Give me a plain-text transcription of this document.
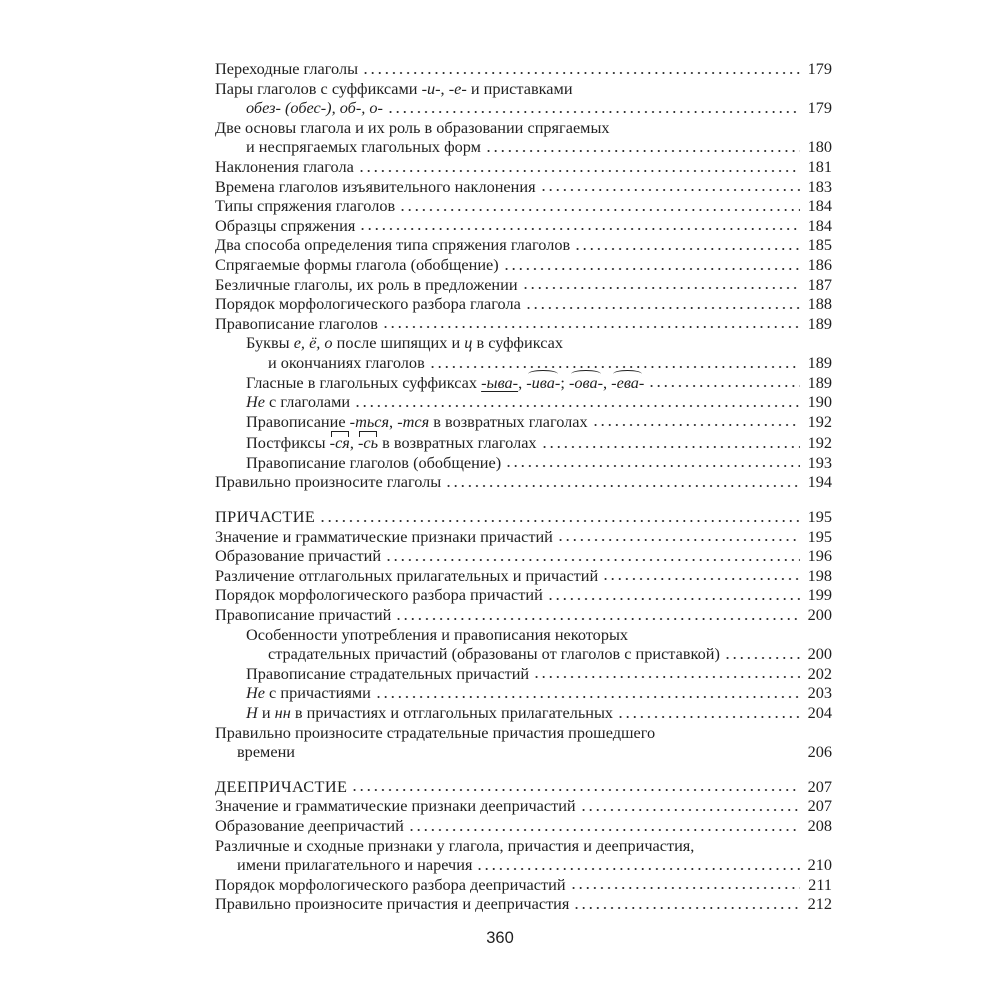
Переходные глаголы	179
Пары глаголов с суффиксами -и-, -е- и приставками
обез- (обес-), об-, о-	179
Две основы глагола и их роль в образовании спрягаемых
и неспрягаемых глагольных форм	180
Наклонения глагола	181
Времена глаголов изъявительного наклонения	183
Типы спряжения глаголов	184
Образцы спряжения	184
Два способа определения типа спряжения глаголов	185
Спрягаемые формы глагола (обобщение)	186
Безличные глаголы, их роль в предложении	187
Порядок морфологического разбора глагола	188
Правописание глаголов	189
Буквы е, ё, о после шипящих и ц в суффиксах
и окончаниях глаголов	189
Гласные в глагольных суффиксах -ыва-, -ива-; -ова-, -ева-	189
Не с глаголами	190
Правописание -ться, -тся в возвратных глаголах	192
Постфиксы -ся, -сь в возвратных глаголах	192
Правописание глаголов (обобщение)	193
Правильно произносите глаголы	194
ПРИЧАСТИЕ	195
Значение и грамматические признаки причастий	195
Образование причастий	196
Различение отглагольных прилагательных и причастий	198
Порядок морфологического разбора причастий	199
Правописание причастий	200
Особенности употребления и правописания некоторых
страдательных причастий (образованы от глаголов с приставкой)	200
Правописание страдательных причастий	202
Не с причастиями	203
Н и нн в причастиях и отглагольных прилагательных	204
Правильно произносите страдательные причастия прошедшего
времени	206
ДЕЕПРИЧАСТИЕ	207
Значение и грамматические признаки деепричастий	207
Образование деепричастий	208
Различные и сходные признаки у глагола, причастия и деепричастия,
имени прилагательного и наречия	210
Порядок морфологического разбора деепричастий	211
Правильно произносите причастия и деепричастия	212
360
